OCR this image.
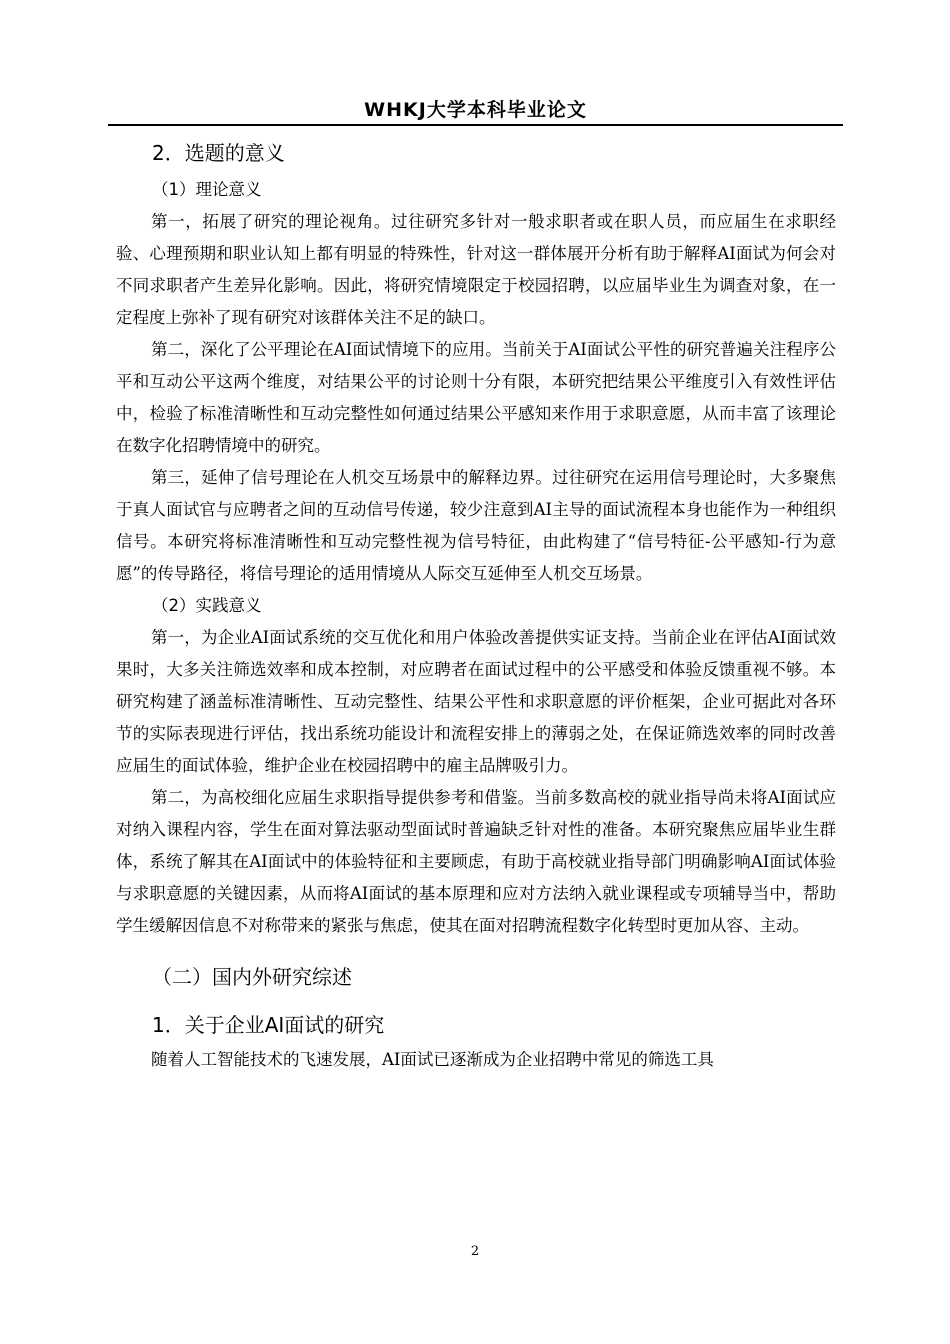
WHKJ大学本科毕业论文
2．选题的意义
（1）理论意义

第一，拓展了研究的理论视角。过往研究多针对一般求职者或在职人员，而应届生在求职经验、心理预期和职业认知上都有明显的特殊性，针对这一群体展开分析有助于解释AI面试为何会对不同求职者产生差异化影响。因此，将研究情境限定于校园招聘，以应届毕业生为调查对象，在一定程度上弥补了现有研究对该群体关注不足的缺口。

第二，深化了公平理论在AI面试情境下的应用。当前关于AI面试公平性的研究普遍关注程序公平和互动公平这两个维度，对结果公平的讨论则十分有限，本研究把结果公平维度引入有效性评估中，检验了标准清晰性和互动完整性如何通过结果公平感知来作用于求职意愿，从而丰富了该理论在数字化招聘情境中的研究。

第三，延伸了信号理论在人机交互场景中的解释边界。过往研究在运用信号理论时，大多聚焦于真人面试官与应聘者之间的互动信号传递，较少注意到AI主导的面试流程本身也能作为一种组织信号。本研究将标准清晰性和互动完整性视为信号特征，由此构建了“信号特征-公平感知-行为意愿”的传导路径，将信号理论的适用情境从人际交互延伸至人机交互场景。

（2）实践意义

第一，为企业AI面试系统的交互优化和用户体验改善提供实证支持。当前企业在评估AI面试效果时，大多关注筛选效率和成本控制，对应聘者在面试过程中的公平感受和体验反馈重视不够。本研究构建了涵盖标准清晰性、互动完整性、结果公平性和求职意愿的评价框架，企业可据此对各环节的实际表现进行评估，找出系统功能设计和流程安排上的薄弱之处，在保证筛选效率的同时改善应届生的面试体验，维护企业在校园招聘中的雇主品牌吸引力。

第二，为高校细化应届生求职指导提供参考和借鉴。当前多数高校的就业指导尚未将AI面试应对纳入课程内容，学生在面对算法驱动型面试时普遍缺乏针对性的准备。本研究聚焦应届毕业生群体，系统了解其在AI面试中的体验特征和主要顾虑，有助于高校就业指导部门明确影响AI面试体验与求职意愿的关键因素，从而将AI面试的基本原理和应对方法纳入就业课程或专项辅导当中，帮助学生缓解因信息不对称带来的紧张与焦虑，使其在面对招聘流程数字化转型时更加从容、主动。

（二）国内外研究综述
1．关于企业AI面试的研究

随着人工智能技术的飞速发展，AI面试已逐渐成为企业招聘中常见的筛选工具

2
